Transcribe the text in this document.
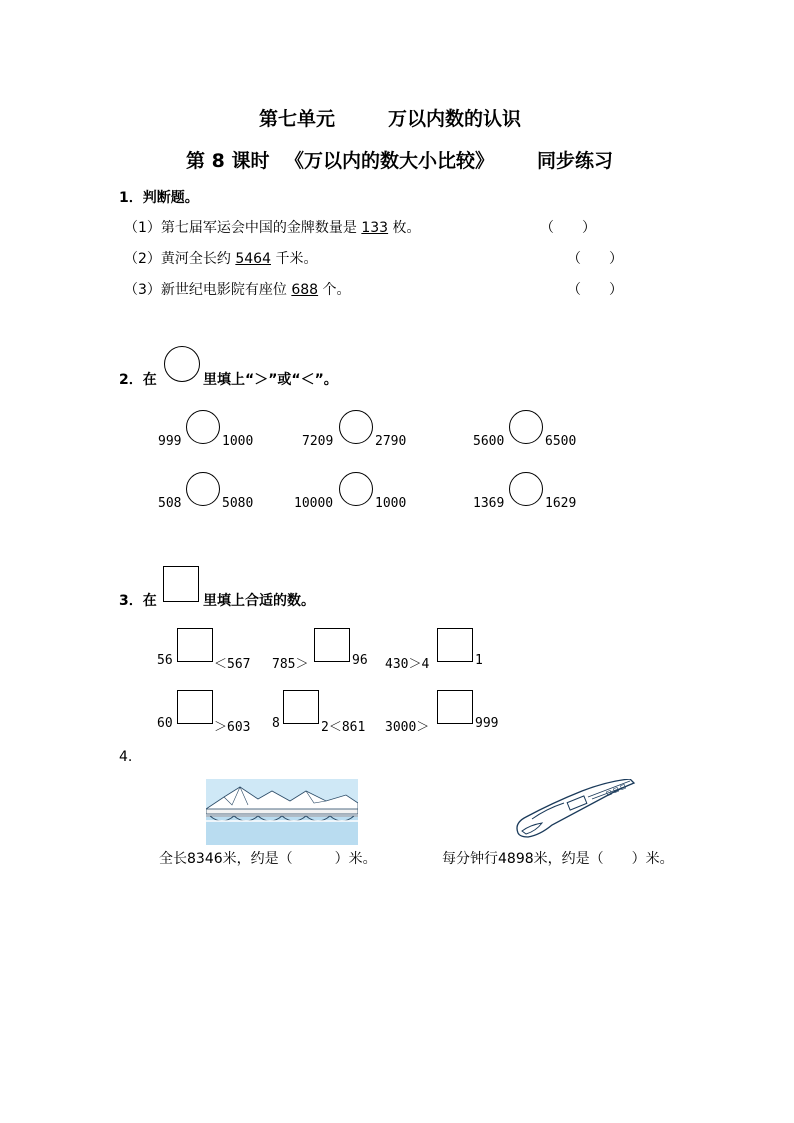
第七单元	万以内数的认识
第 8 课时 《万以内的数大小比较》 同步练习
1．判断题。
（1）第七届军运会中国的金牌数量是 133 枚。	（　　）
（2）黄河全长约 5464 千米。	（　　）
（3）新世纪电影院有座位 688 个。	（　　）
2．在	里填上“＞”或“＜”。
999	1000	7209	2790	5600	6500
508	5080	10000	1000	1369	1629
3．在	里填上合适的数。
56	＜567 785＞	96 430＞4	1
60	＞603 8	2＜861 3000＞	999
4.
全长8346米，约是（　　　）米。	每分钟行4898米，约是（　　）米。
